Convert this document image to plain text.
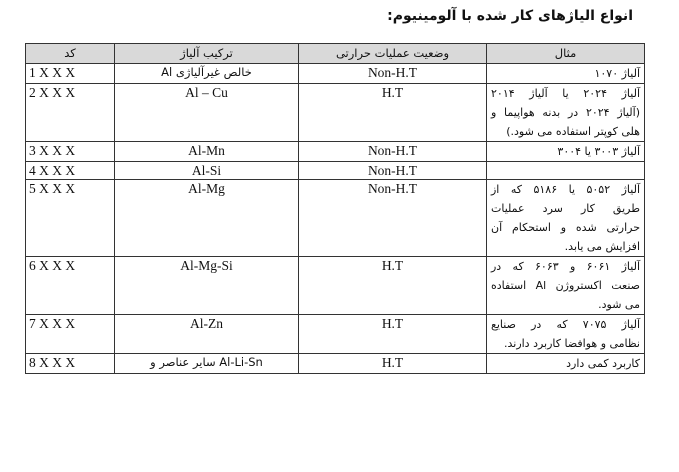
انواع الیاژهای کار شده با آلومینیوم:
کد	ترکیب آلیاژ	وضعیت عملیات حرارتی	مثال
1 X X X	Al خالص غیرآلیاژی	Non-H.T	آلیاژ ۱۰۷۰

2 X X X	Al – Cu	H.T	آلیاژ ۲۰۲۴ یا آلیاژ ۲۰۱۴
(آلیاژ ۲۰۲۴ در بدنه هواپیما و
هلی کوپتر استفاده می شود.)

3 X X X	Al-Mn	Non-H.T	آلیاژ ۳۰۰۳ یا ۳۰۰۴

4 X X X	Al-Si	Non-H.T	
5 X X X	Al-Mg	Non-H.T	آلیاژ ۵۰۵۲ یا ۵۱۸۶ که از
طریق کار سرد عملیات
حرارتی شده و استحکام آن
افزایش می یابد.

6 X X X	Al-Mg-Si	H.T	آلیاژ ۶۰۶۱ و ۶۰۶۳ که در
صنعت اکستروژن Al استفاده
می شود.

7 X X X	Al-Zn	H.T	آلیاژ ۷۰۷۵ که در صنایع
نظامی و هوافضا کاربرد دارند.

8 X X X	سایر عناصر و Al-Li-Sn	H.T	کاربرد کمی دارد
